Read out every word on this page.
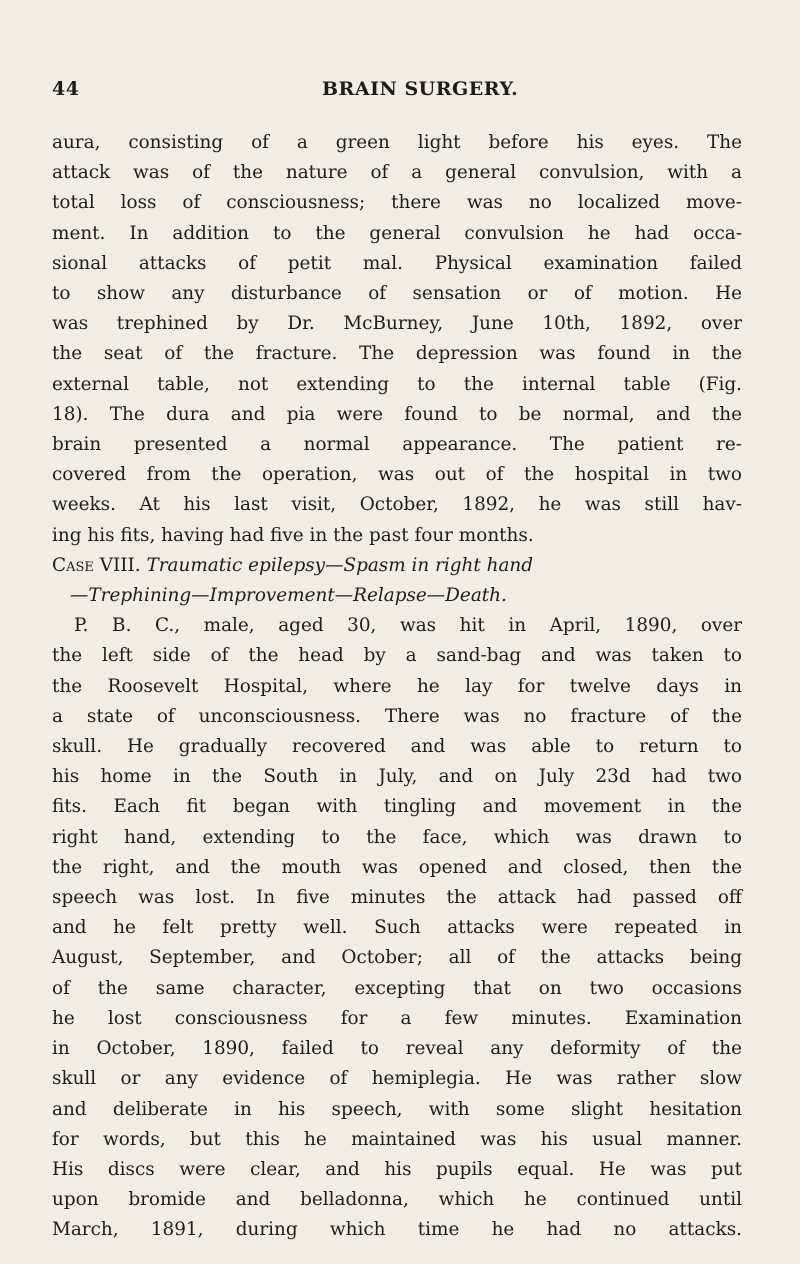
44	BRAIN SURGERY.
aura, consisting of a green light before his eyes. The
attack was of the nature of a general convulsion, with a
total loss of consciousness; there was no localized move-
ment. In addition to the general convulsion he had occa-
sional attacks of petit mal. Physical examination failed
to show any disturbance of sensation or of motion. He
was trephined by Dr. McBurney, June 10th, 1892, over
the seat of the fracture. The depression was found in the
external table, not extending to the internal table (Fig.
18). The dura and pia were found to be normal, and the
brain presented a normal appearance. The patient re-
covered from the operation, was out of the hospital in two
weeks. At his last visit, October, 1892, he was still hav-
ing his fits, having had five in the past four months.
Case VIII. Traumatic epilepsy—Spasm in right hand
—Trephining—Improvement—Relapse—Death.
P. B. C., male, aged 30, was hit in April, 1890, over
the left side of the head by a sand-bag and was taken to
the Roosevelt Hospital, where he lay for twelve days in
a state of unconsciousness. There was no fracture of the
skull. He gradually recovered and was able to return to
his home in the South in July, and on July 23d had two
fits. Each fit began with tingling and movement in the
right hand, extending to the face, which was drawn to
the right, and the mouth was opened and closed, then the
speech was lost. In five minutes the attack had passed off
and he felt pretty well. Such attacks were repeated in
August, September, and October; all of the attacks being
of the same character, excepting that on two occasions
he lost consciousness for a few minutes. Examination
in October, 1890, failed to reveal any deformity of the
skull or any evidence of hemiplegia. He was rather slow
and deliberate in his speech, with some slight hesitation
for words, but this he maintained was his usual manner.
His discs were clear, and his pupils equal. He was put
upon bromide and belladonna, which he continued until
March, 1891, during which time he had no attacks.
